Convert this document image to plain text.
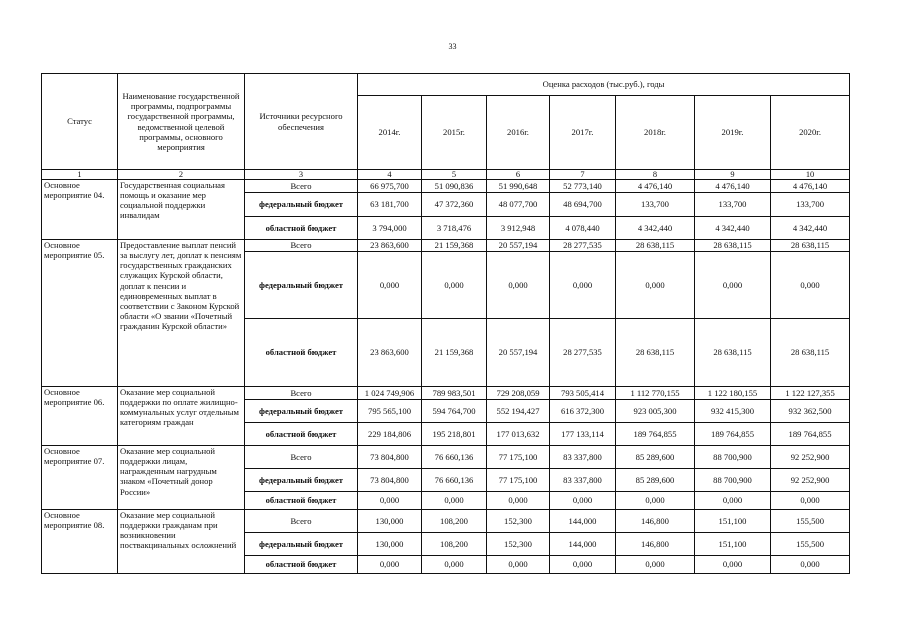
33
Статус	Наименование государственной программы, подпрограммы государственной программы, ведомственной целевой программы, основного мероприятия	Источники ресурсного обеспечения	Оценка расходов (тыс.руб.), годы						
			2014г.	2015г.	2016г.	2017г.	2018г.	2019г.	2020г.
1	2	3	4	5	6	7	8	9	10
Основное мероприятие 04.	Государственная социальная помощь и оказание мер социальной поддержки инвалидам	Всего	66 975,700	51 090,836	51 990,648	52 773,140	4 476,140	4 476,140	4 476,140
		федеральный бюджет	63 181,700	47 372,360	48 077,700	48 694,700	133,700	133,700	133,700
		областной бюджет	3 794,000	3 718,476	3 912,948	4 078,440	4 342,440	4 342,440	4 342,440
Основное мероприятие 05.	Предоставление выплат пенсий за выслугу лет, доплат к пенсиям государственных гражданских служащих Курской области, доплат к пенсии и единовременных выплат в соответствии с Законом Курской области «О звании «Почетный гражданин Курской области»	Всего	23 863,600	21 159,368	20 557,194	28 277,535	28 638,115	28 638,115	28 638,115
		федеральный бюджет	0,000	0,000	0,000	0,000	0,000	0,000	0,000
		областной бюджет	23 863,600	21 159,368	20 557,194	28 277,535	28 638,115	28 638,115	28 638,115
Основное мероприятие 06.	Оказание мер социальной поддержки по оплате жилищно-коммунальных услуг отдельным категориям граждан	Всего	1 024 749,906	789 983,501	729 208,059	793 505,414	1 112 770,155	1 122 180,155	1 122 127,355
		федеральный бюджет	795 565,100	594 764,700	552 194,427	616 372,300	923 005,300	932 415,300	932 362,500
		областной бюджет	229 184,806	195 218,801	177 013,632	177 133,114	189 764,855	189 764,855	189 764,855
Основное мероприятие 07.	Оказание мер социальной поддержки лицам, награжденным нагрудным знаком «Почетный донор России»	Всего	73 804,800	76 660,136	77 175,100	83 337,800	85 289,600	88 700,900	92 252,900
		федеральный бюджет	73 804,800	76 660,136	77 175,100	83 337,800	85 289,600	88 700,900	92 252,900
		областной бюджет	0,000	0,000	0,000	0,000	0,000	0,000	0,000
Основное мероприятие 08.	Оказание мер социальной поддержки гражданам при возникновении поствакцинальных осложнений	Всего	130,000	108,200	152,300	144,000	146,800	151,100	155,500
		федеральный бюджет	130,000	108,200	152,300	144,000	146,800	151,100	155,500
		областной бюджет	0,000	0,000	0,000	0,000	0,000	0,000	0,000
